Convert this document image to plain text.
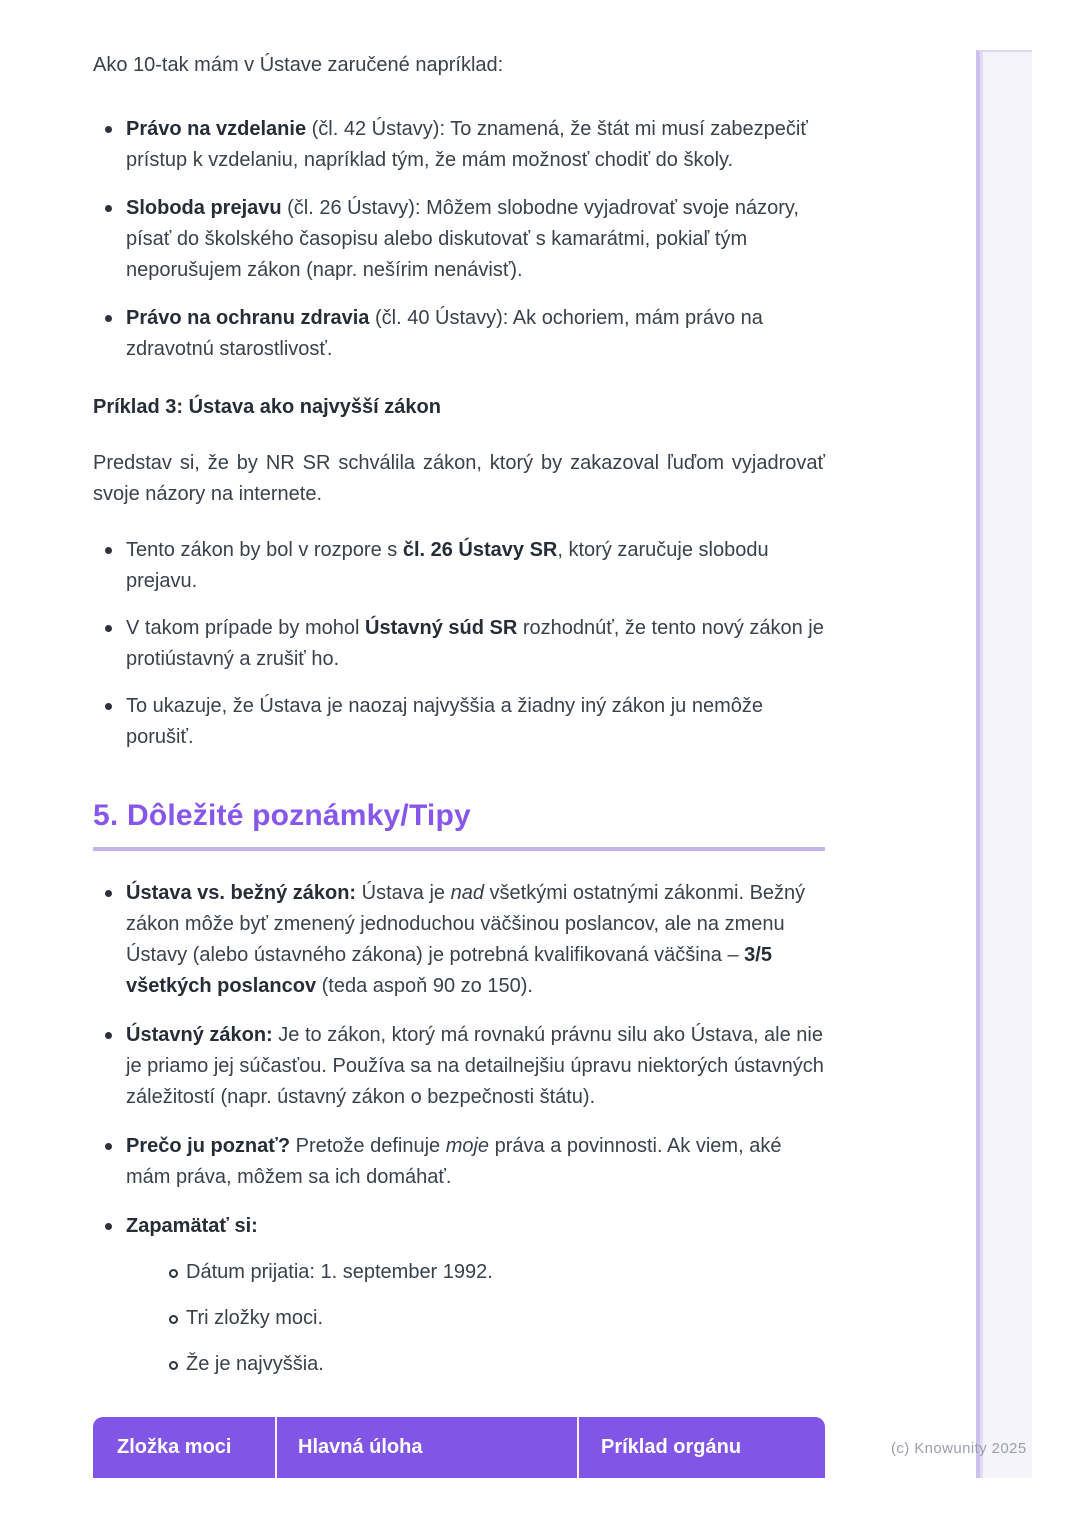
Ako 10-tak mám v Ústave zaručené napríklad:

Právo na vzdelanie (čl. 42 Ústavy): To znamená, že štát mi musí zabezpečiť prístup k vzdelaniu, napríklad tým, že mám možnosť chodiť do školy.
Sloboda prejavu (čl. 26 Ústavy): Môžem slobodne vyjadrovať svoje názory, písať do školského časopisu alebo diskutovať s kamarátmi, pokiaľ tým neporušujem zákon (napr. nešírim nenávisť).
Právo na ochranu zdravia (čl. 40 Ústavy): Ak ochoriem, mám právo na zdravotnú starostlivosť.
Príklad 3: Ústava ako najvyšší zákon

Predstav si, že by NR SR schválila zákon, ktorý by zakazoval ľuďom vyjadrovať svoje názory na internete.

Tento zákon by bol v rozpore s čl. 26 Ústavy SR, ktorý zaručuje slobodu prejavu.
V takom prípade by mohol Ústavný súd SR rozhodnúť, že tento nový zákon je protiústavný a zrušiť ho.
To ukazuje, že Ústava je naozaj najvyššia a žiadny iný zákon ju nemôže porušiť.
5. Dôležité poznámky/Tipy
Ústava vs. bežný zákon: Ústava je nad všetkými ostatnými zákonmi. Bežný zákon môže byť zmenený jednoduchou väčšinou poslancov, ale na zmenu Ústavy (alebo ústavného zákona) je potrebná kvalifikovaná väčšina – 3/5 všetkých poslancov (teda aspoň 90 zo 150).
Ústavný zákon: Je to zákon, ktorý má rovnakú právnu silu ako Ústava, ale nie je priamo jej súčasťou. Používa sa na detailnejšiu úpravu niektorých ústavných záležitostí (napr. ústavný zákon o bezpečnosti štátu).
Prečo ju poznať? Pretože definuje moje práva a povinnosti. Ak viem, aké mám práva, môžem sa ich domáhať.
Zapamätať si:
Dátum prijatia: 1. september 1992.
Tri zložky moci.
Že je najvyššia.
Zložka moci	Hlavná úloha	Príklad orgánu	(c) Knowunity 2025
